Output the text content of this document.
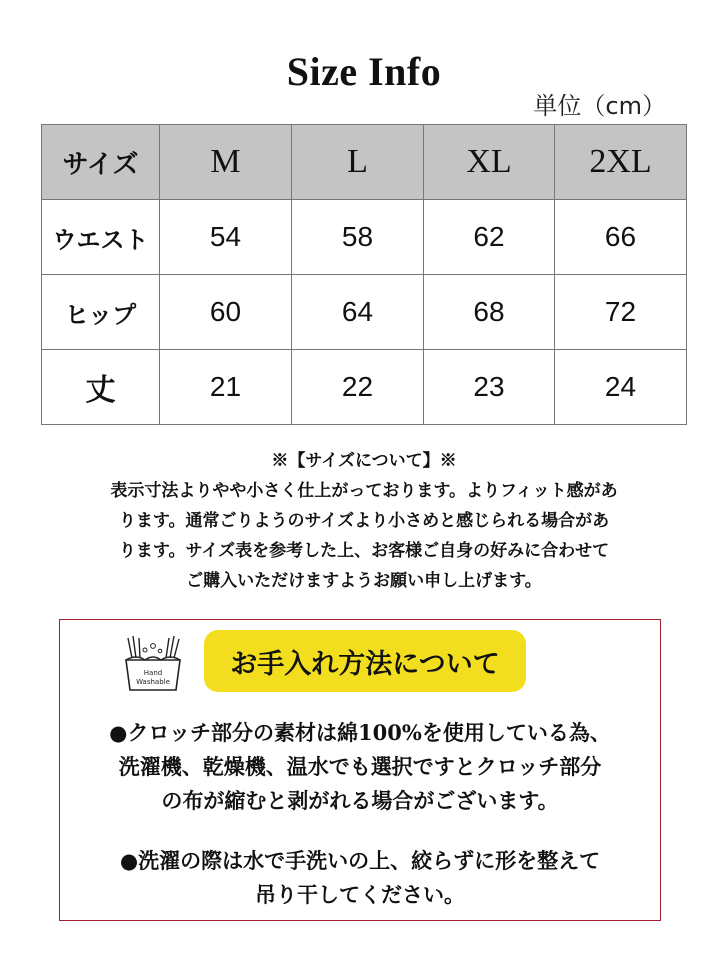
Size Info
単位（cm）
サイズ	M	L	XL	2XL
ウエスト	54	58	62	66
ヒップ	60	64	68	72
丈	21	22	23	24
※【サイズについて】※
表示寸法よりやや小さく仕上がっております。よりフィット感があ
ります。通常ごりようのサイズより小さめと感じられる場合があ
ります。サイズ表を参考した上、お客様ご自身の好みに合わせて
ご購入いただけますようお願い申し上げます。
Hand
Washable
お手入れ方法について
●クロッチ部分の素材は綿100%を使用している為、
洗濯機、乾燥機、温水でも選択ですとクロッチ部分
の布が縮むと剥がれる場合がございます。
●洗濯の際は水で手洗いの上、絞らずに形を整えて
吊り干してください。
